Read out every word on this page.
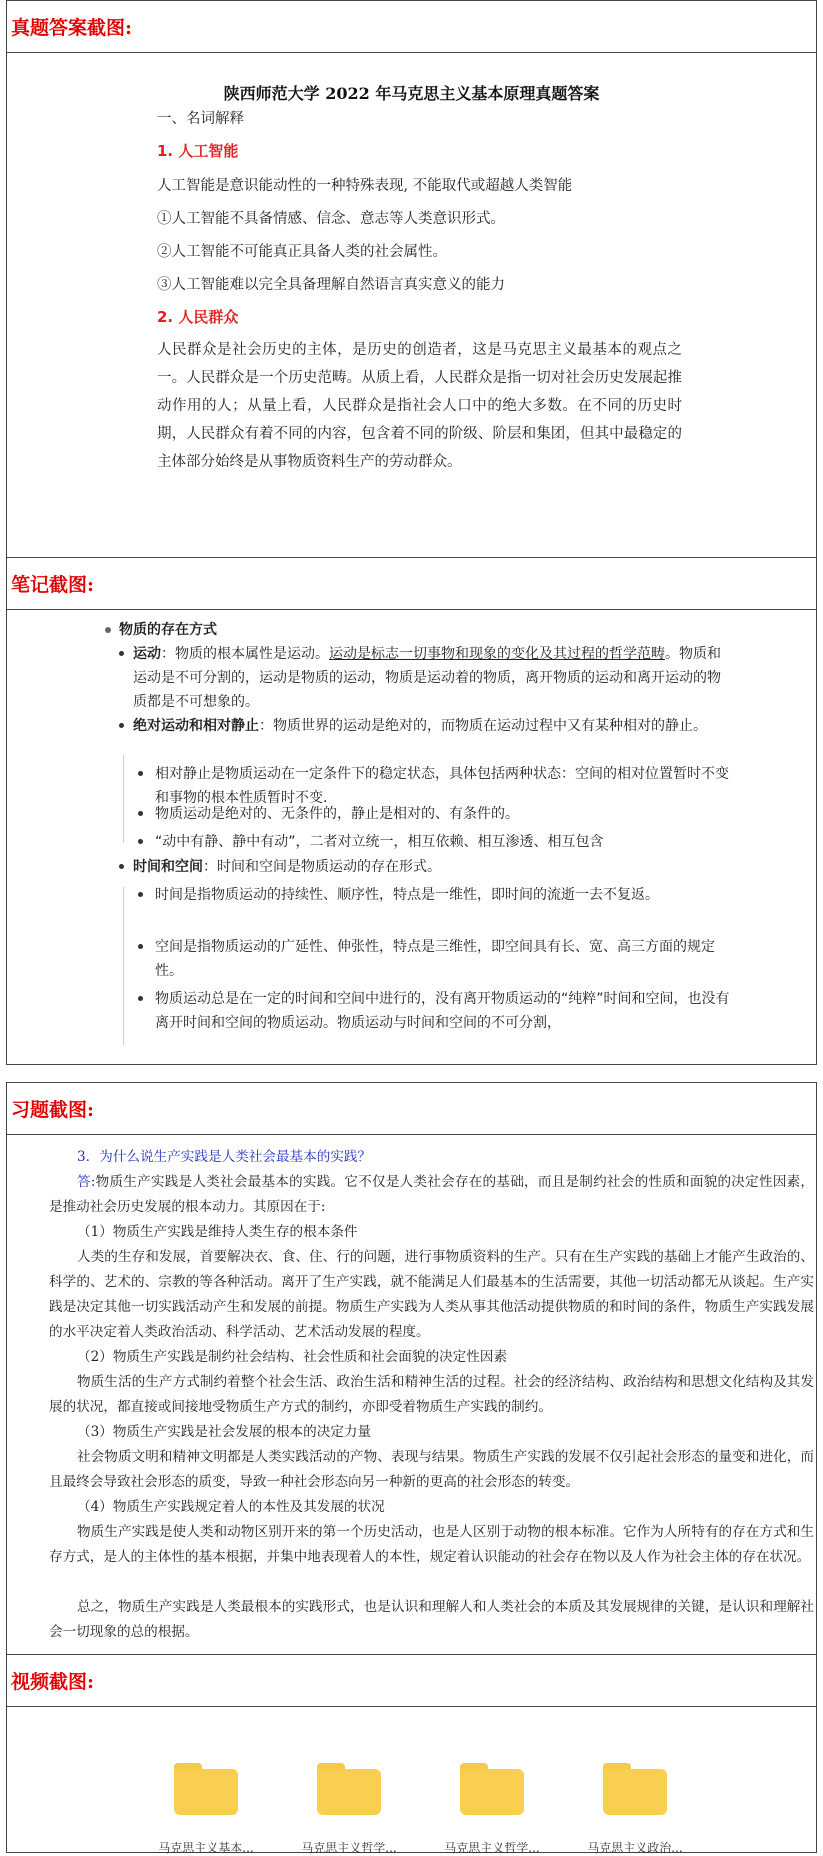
真题答案截图:
陕西师范大学 2022 年马克思主义基本原理真题答案
一、名词解释
1. 人工智能
人工智能是意识能动性的一种特殊表现, 不能取代或超越人类智能
①人工智能不具备情感、信念、意志等人类意识形式。
②人工智能不可能真正具备人类的社会属性。
③人工智能难以完全具备理解自然语言真实意义的能力
2. 人民群众
人民群众是社会历史的主体，是历史的创造者，这是马克思主义最基本的观点之一。人民群众是一个历史范畴。从质上看，人民群众是指一切对社会历史发展起推动作用的人；从量上看，人民群众是指社会人口中的绝大多数。在不同的历史时期，人民群众有着不同的内容，包含着不同的阶级、阶层和集团，但其中最稳定的主体部分始终是从事物质资料生产的劳动群众。
笔记截图:
物质的存在方式
运动：物质的根本属性是运动。运动是标志一切事物和现象的变化及其过程的哲学范畴。物质和运动是不可分割的，运动是物质的运动，物质是运动着的物质，离开物质的运动和离开运动的物质都是不可想象的。
绝对运动和相对静止：物质世界的运动是绝对的，而物质在运动过程中又有某种相对的静止。
相对静止是物质运动在一定条件下的稳定状态，具体包括两种状态：空间的相对位置暂时不变和事物的根本性质暂时不变.
物质运动是绝对的、无条件的，静止是相对的、有条件的。
“动中有静、静中有动”，二者对立统一，相互依赖、相互渗透、相互包含
时间和空间：时间和空间是物质运动的存在形式。
时间是指物质运动的持续性、顺序性，特点是一维性，即时间的流逝一去不复返。
空间是指物质运动的广延性、伸张性，特点是三维性，即空间具有长、宽、高三方面的规定性。
物质运动总是在一定的时间和空间中进行的，没有离开物质运动的“纯粹”时间和空间，也没有离开时间和空间的物质运动。物质运动与时间和空间的不可分割，
习题截图:

3．为什么说生产实践是人类社会最基本的实践？

答:物质生产实践是人类社会最基本的实践。它不仅是人类社会存在的基础，而且是制约社会的性质和面貌的决定性因素，是推动社会历史发展的根本动力。其原因在于:

（1）物质生产实践是维持人类生存的根本条件

人类的生存和发展，首要解决衣、食、住、行的问题，进行事物质资料的生产。只有在生产实践的基础上才能产生政治的、科学的、艺术的、宗教的等各种活动。离开了生产实践，就不能满足人们最基本的生活需要，其他一切活动都无从谈起。生产实践是决定其他一切实践活动产生和发展的前提。物质生产实践为人类从事其他活动提供物质的和时间的条件，物质生产实践发展的水平决定着人类政治活动、科学活动、艺术活动发展的程度。

（2）物质生产实践是制约社会结构、社会性质和社会面貌的决定性因素

物质生活的生产方式制约着整个社会生活、政治生活和精神生活的过程。社会的经济结构、政治结构和思想文化结构及其发展的状况，都直接或间接地受物质生产方式的制约，亦即受着物质生产实践的制约。

（3）物质生产实践是社会发展的根本的决定力量

社会物质文明和精神文明都是人类实践活动的产物、表现与结果。物质生产实践的发展不仅引起社会形态的量变和进化，而且最终会导致社会形态的质变，导致一种社会形态向另一种新的更高的社会形态的转变。

（4）物质生产实践规定着人的本性及其发展的状况

物质生产实践是使人类和动物区别开来的第一个历史活动，也是人区别于动物的根本标准。它作为人所特有的存在方式和生存方式，是人的主体性的基本根据，并集中地表现着人的本性，规定着认识能动的社会存在物以及人作为社会主体的存在状况。

总之，物质生产实践是人类最根本的实践形式，也是认识和理解人和人类社会的本质及其发展规律的关键，是认识和理解社会一切现象的总的根据。

视频截图:
马克思主义基本...	马克思主义哲学...	马克思主义哲学...	马克思主义政治...
